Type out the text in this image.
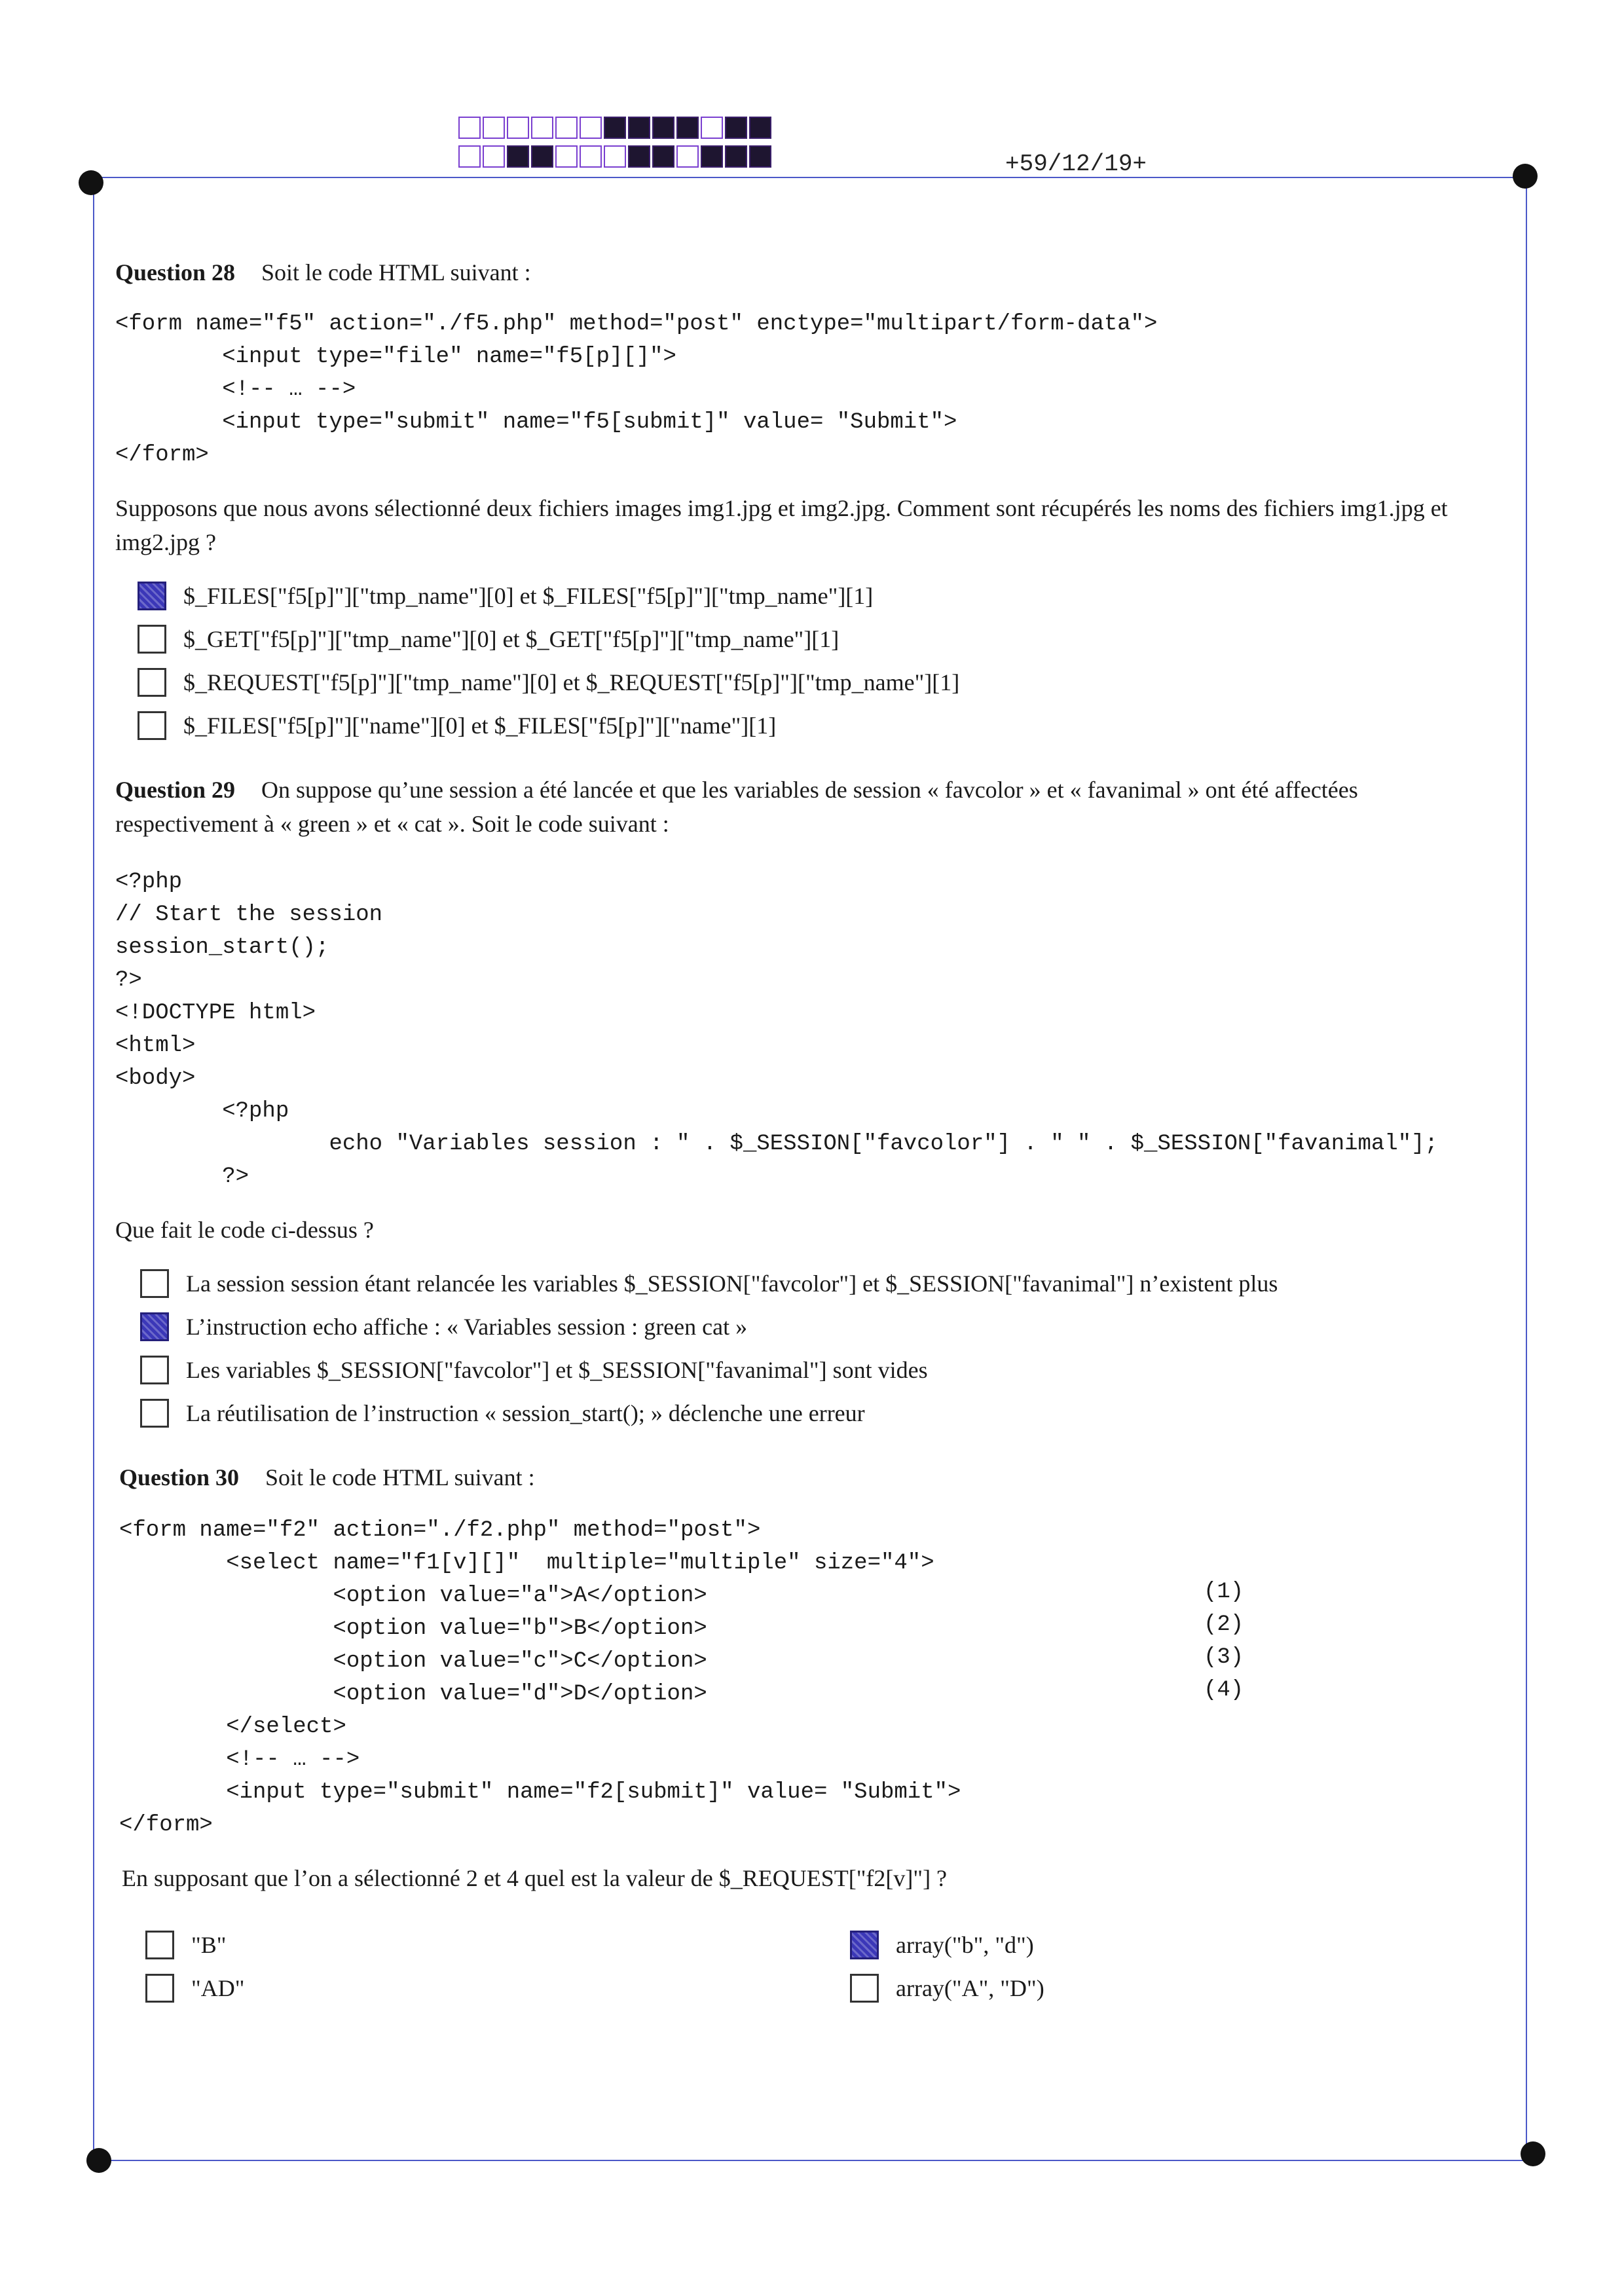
+59/12/19+
Question 28 Soit le code HTML suivant :
<form name="f5" action="./f5.php" method="post" enctype="multipart/form-data">
<input type="file" name="f5[p][]">
<!-- … -->
<input type="submit" name="f5[submit]" value= "Submit">
</form>
Supposons que nous avons sélectionné deux fichiers images img1.jpg et img2.jpg. Comment sont récupérés les noms des fichiers img1.jpg et img2.jpg ?
$_FILES["f5[p]"]["tmp_name"][0] et $_FILES["f5[p]"]["tmp_name"][1]
$_GET["f5[p]"]["tmp_name"][0] et $_GET["f5[p]"]["tmp_name"][1]
$_REQUEST["f5[p]"]["tmp_name"][0] et $_REQUEST["f5[p]"]["tmp_name"][1]
$_FILES["f5[p]"]["name"][0] et $_FILES["f5[p]"]["name"][1]
Question 29 On suppose qu’une session a été lancée et que les variables de session « favcolor » et « favanimal » ont été affectées respectivement à « green » et « cat ». Soit le code suivant :
<?php
// Start the session
session_start();
?>
<!DOCTYPE html>
<html>
<body>
<?php
echo "Variables session : " . $_SESSION["favcolor"] . " " . $_SESSION["favanimal"];
?>
Que fait le code ci-dessus ?
La session session étant relancée les variables $_SESSION["favcolor"] et $_SESSION["favanimal"] n’existent plus
L’instruction echo affiche : « Variables session : green cat »
Les variables $_SESSION["favcolor"] et $_SESSION["favanimal"] sont vides
La réutilisation de l’instruction « session_start(); » déclenche une erreur
Question 30 Soit le code HTML suivant :
<form name="f2" action="./f2.php" method="post">
<select name="f1[v][]"  multiple="multiple" size="4">
<option value="a">A</option>
<option value="b">B</option>
<option value="c">C</option>
<option value="d">D</option>
</select>
<!-- … -->
<input type="submit" name="f2[submit]" value= "Submit">
</form>
(1)
(2)
(3)
(4)
En supposant que l’on a sélectionné 2 et 4 quel est la valeur de $_REQUEST["f2[v]"] ?
"B"
"AD"
array("b", "d")
array("A", "D")
